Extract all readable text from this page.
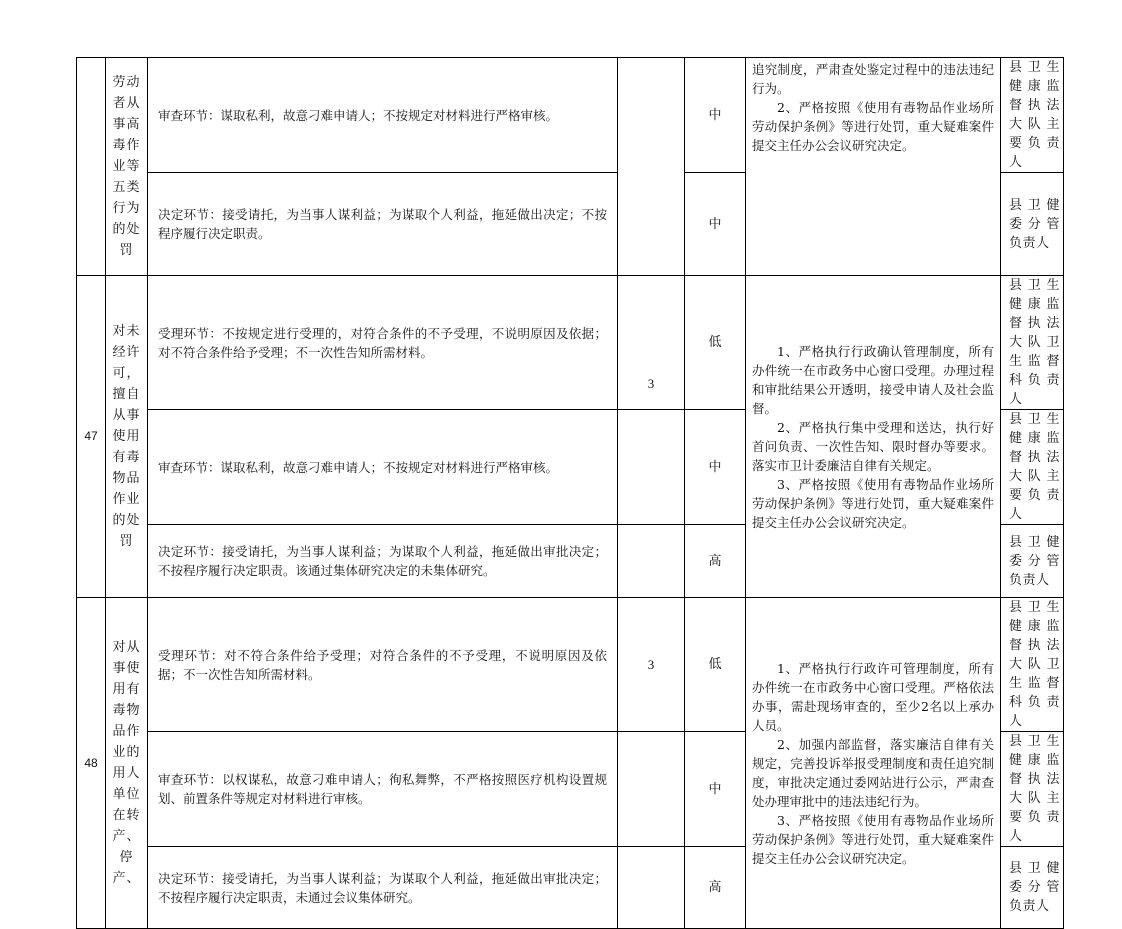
	劳动者从事高毒作业等五类行为的处罚	审查环节：谋取私利，故意刁难申请人；不按规定对材料进行严格审核。		中	追究制度，严肃查处鉴定过程中的违法违纪行为。

2、严格按照《使用有毒物品作业场所劳动保护条例》等进行处罚，重大疑难案件提交主任办公会议研究决定。	县卫生健康监督执法大队主要负责人
		决定环节：接受请托，为当事人谋利益；为谋取个人利益，拖延做出决定；不按程序履行决定职责。		中		县卫健委分管负责人
47	对未经许可，擅自从事使用有毒物品作业的处罚	受理环节：不按规定进行受理的，对符合条件的不予受理，不说明原因及依据；对不符合条件给予受理；不一次性告知所需材料。	3	低	1、严格执行行政确认管理制度，所有办件统一在市政务中心窗口受理。办理过程和审批结果公开透明，接受申请人及社会监督。

2、严格执行集中受理和送达，执行好首问负责、一次性告知、限时督办等要求。落实市卫计委廉洁自律有关规定。

3、严格按照《使用有毒物品作业场所劳动保护条例》等进行处罚，重大疑难案件提交主任办公会议研究决定。	县卫生健康监督执法大队卫生监督科负责人
		审查环节：谋取私利，故意刁难申请人；不按规定对材料进行严格审核。		中		县卫生健康监督执法大队主要负责人
		决定环节：接受请托，为当事人谋利益；为谋取个人利益，拖延做出审批决定；不按程序履行决定职责。该通过集体研究决定的未集体研究。		高		县卫健委分管负责人
48	对从事使用有毒物品作业的用人单位在转产、停产、	受理环节：对不符合条件给予受理；对符合条件的不予受理，不说明原因及依据；不一次性告知所需材料。	3	低	1、严格执行行政许可管理制度，所有办件统一在市政务中心窗口受理。严格依法办事，需赴现场审查的，至少2名以上承办人员。

2、加强内部监督，落实廉洁自律有关规定，完善投诉举报受理制度和责任追究制度，审批决定通过委网站进行公示，严肃查处办理审批中的违法违纪行为。

3、严格按照《使用有毒物品作业场所劳动保护条例》等进行处罚，重大疑难案件提交主任办公会议研究决定。	县卫生健康监督执法大队卫生监督科负责人
		审查环节：以权谋私，故意刁难申请人；徇私舞弊，不严格按照医疗机构设置规划、前置条件等规定对材料进行审核。		中		县卫生健康监督执法大队主要负责人
		决定环节：接受请托，为当事人谋利益；为谋取个人利益，拖延做出审批决定；不按程序履行决定职责，未通过会议集体研究。		高		县卫健委分管负责人
